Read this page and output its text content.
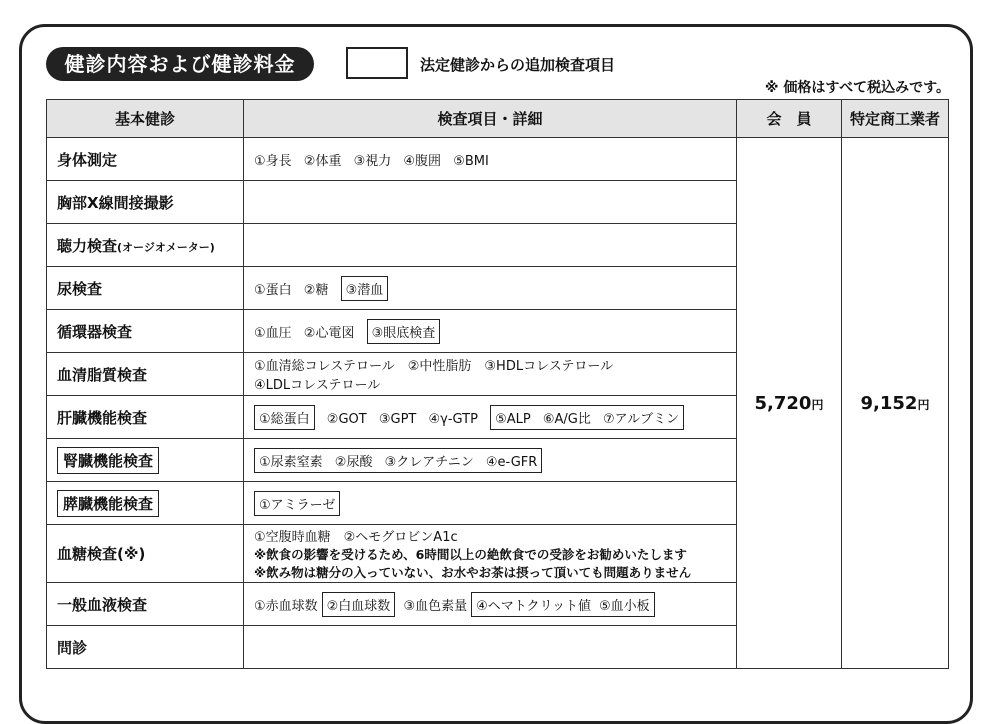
健診内容および健診料金	法定健診からの追加検査項目
※ 価格はすべて税込みです。
基本健診	検査項目・詳細	会　員	特定商工業者
身体測定	①身長 ②体重 ③視力 ④腹囲 ⑤BMI	5,720円	9,152円
胸部X線間接撮影			
聴力検査(オージオメーター)			
尿検査	①蛋白 ②糖 ③潜血		
循環器検査	①血圧 ②心電図 ③眼底検査		
血清脂質検査	①血清総コレステロール　②中性脂肪　③HDLコレステロール
④LDLコレステロール		

肝臓機能検査	①総蛋白 ②GOT ③GPT ④γ-GTP ⑤ALP ⑥A/G比 ⑦アルブミン		
腎臓機能検査	①尿素窒素 ②尿酸 ③クレアチニン ④e-GFR		
膵臓機能検査	①アミラーゼ		
血糖検査(※)	①空腹時血糖　②ヘモグロビンA1c
※飲食の影響を受けるため、6時間以上の絶飲食での受診をお勧めいたします
※飲み物は糖分の入っていない、お水やお茶は摂って頂いても問題ありません		

一般血液検査	①赤血球数 ②白血球数 ③血色素量 ④ヘマトクリット値 ⑤血小板		
問診			
